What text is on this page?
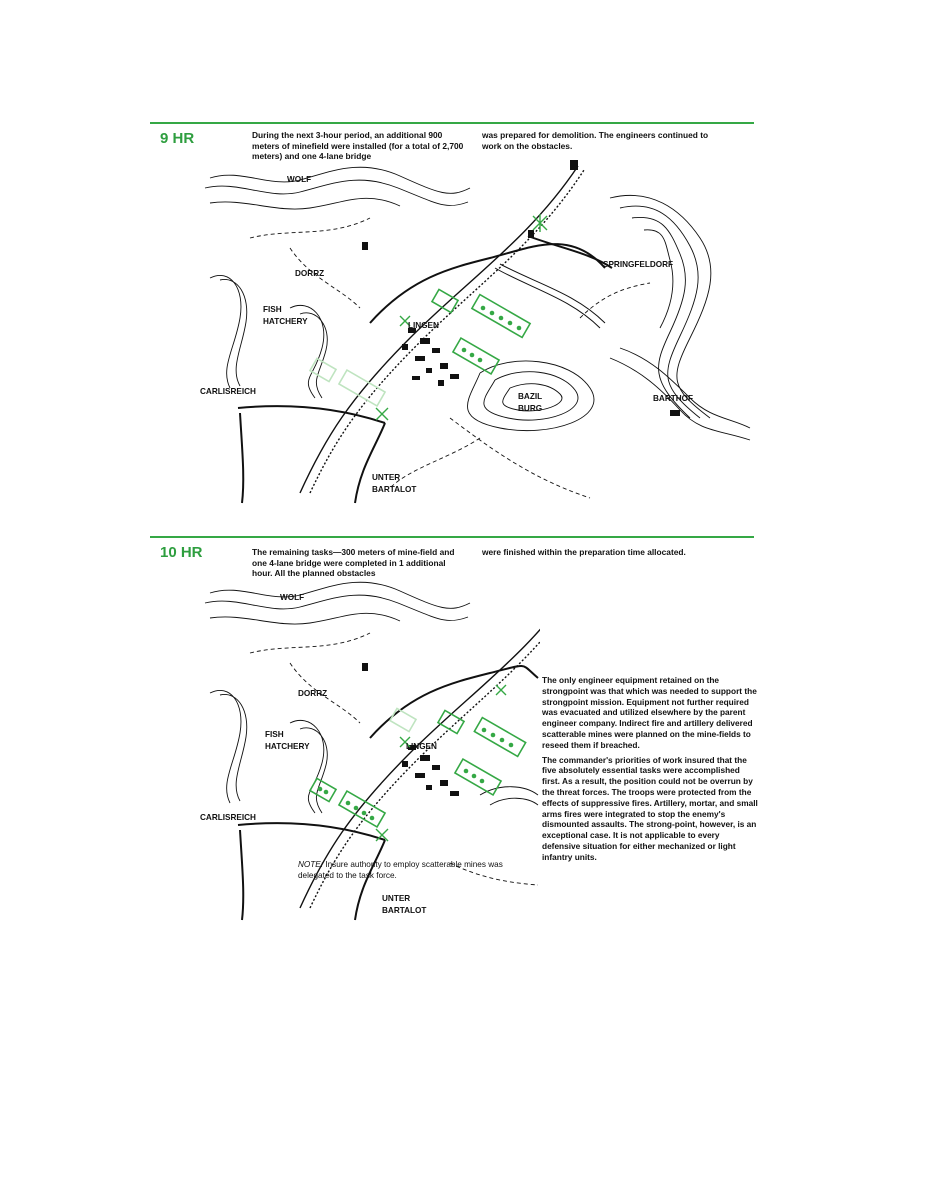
9 HR	During the next 3-hour period, an additional 900 meters of minefield were installed (for a total of 2,700 meters) and one 4-lane bridge
was prepared for demolition. The engineers continued to work on the obstacles.
WOLF
DORRZ
FISH
HATCHERY	LINGEN
SPRINGFELDORF
CARLISREICH
BAZIL
BURG
BARTHOF
UNTER
BARTALOT
10 HR	The remaining tasks—300 meters of mine-field and one 4-lane bridge were completed in 1 additional hour. All the planned obstacles
were finished within the preparation time allocated.
WOLF
DORRZ
FISH
HATCHERY	LINGEN
CARLISREICH
UNTER
BARTALOT
NOTE: Insure authority to employ scatterable mines was delegated to the task force.

The only engineer equipment retained on the strongpoint was that which was needed to support the strongpoint mission. Equipment not further required was evacuated and utilized elsewhere by the parent engineer company. Indirect fire and artillery delivered scatterable mines were planned on the mine-fields to reseed them if breached.

The commander's priorities of work insured that the five absolutely essential tasks were accomplished first. As a result, the position could not be overrun by the threat forces. The troops were protected from the effects of suppressive fires. Artillery, mortar, and small arms fires were integrated to stop the enemy's dismounted assaults. The strong-point, however, is an exceptional case. It is not applicable to every defensive situation for either mechanized or light infantry units.
